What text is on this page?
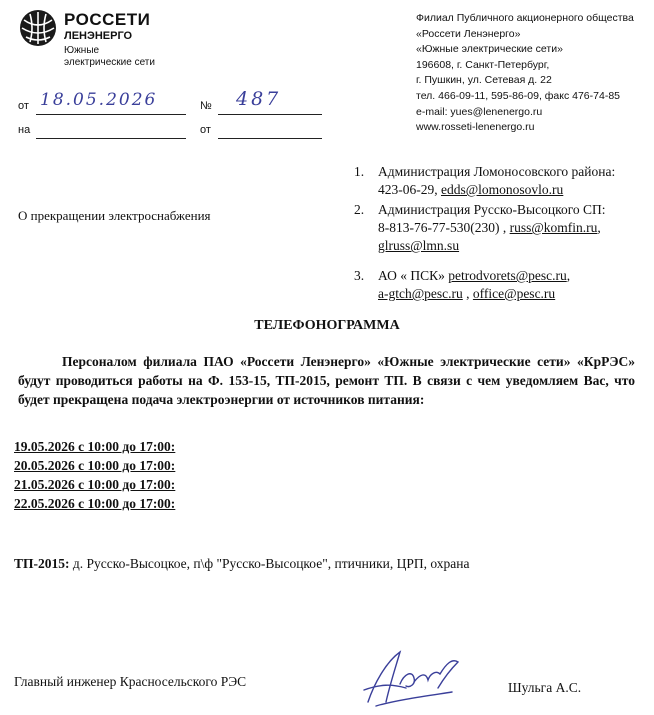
РОССЕТИ
ЛЕНЭНЕРГО
Южные
электрические сети
Филиал Публичного акционерного общества
«Россети Ленэнерго»
«Южные электрические сети»
196608, г. Санкт-Петербург,
г. Пушкин, ул. Сетевая д. 22
тел. 466-09-11, 595-86-09, факс 476-74-85
e-mail: yues@lenenergo.ru
www.rosseti-lenenergo.ru
от 18.05.2026	№ 487
на	от
О прекращении электроснабжения
1. Администрация Ломоносовского района:
423-06-29, edds@lomonosovlo.ru
2. Администрация Русско-Высоцкого СП:
8-813-76-77-530(230) , russ@komfin.ru,
glruss@lmn.su
3. АО « ПСК» petrodvorets@pesc.ru,
a-gtch@pesc.ru , office@pesc.ru
ТЕЛЕФОНОГРАММА
Персоналом филиала ПАО «Россети Ленэнерго» «Южные электрические сети» «КрРЭС» будут проводиться работы на Ф. 153-15, ТП-2015, ремонт ТП. В связи с чем уведомляем Вас, что будет прекращена подача электроэнергии от источников питания:
19.05.2026 с 10:00 до 17:00:
20.05.2026 с 10:00 до 17:00:
21.05.2026 с 10:00 до 17:00:
22.05.2026 с 10:00 до 17:00:
ТП-2015: д. Русско-Высоцкое, п\ф "Русско-Высоцкое", птичники, ЦРП, охрана
Главный инженер Красносельского РЭС	Шульга А.С.
